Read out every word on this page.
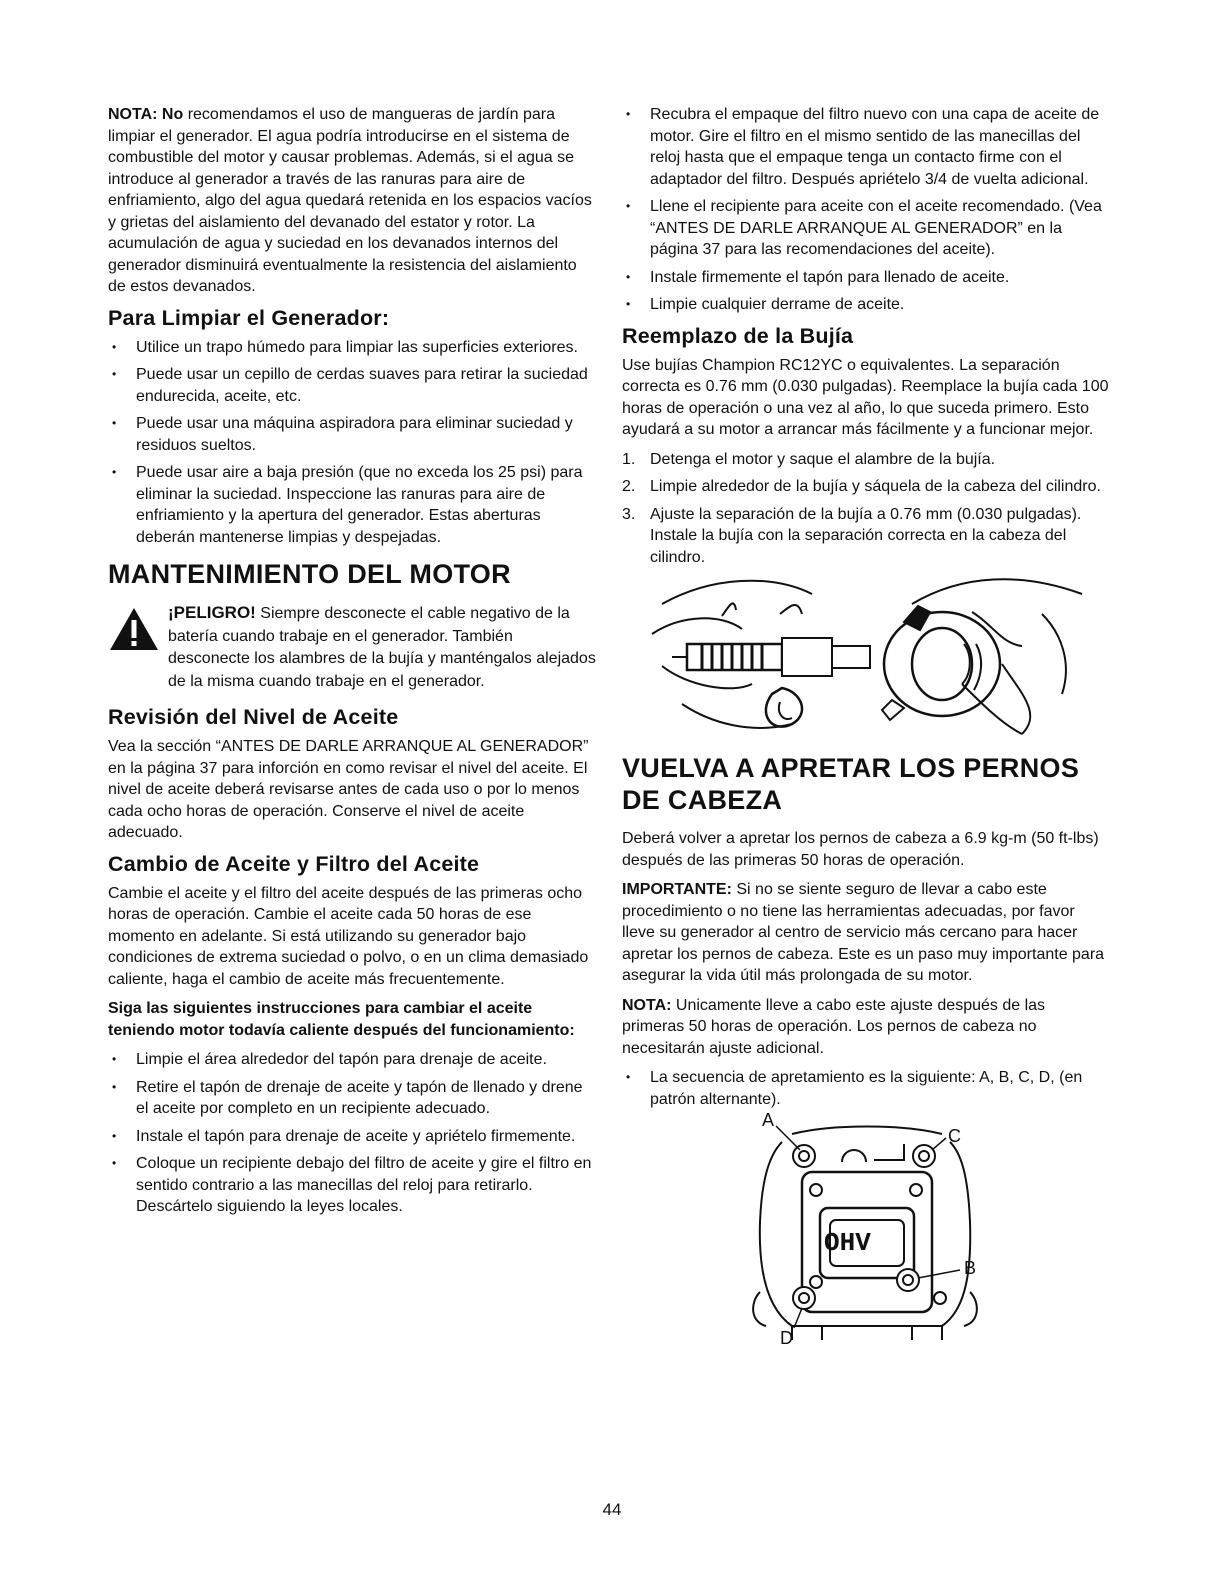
NOTA: No recomendamos el uso de mangueras de jardín para limpiar el generador. El agua podría introducirse en el sistema de combustible del motor y causar problemas. Además, si el agua se introduce al generador a través de las ranuras para aire de enfriamiento, algo del agua quedará retenida en los espacios vacíos y grietas del aislamiento del devanado del estator y rotor. La acumulación de agua y suciedad en los devanados internos del generador disminuirá eventualmente la resistencia del aislamiento de estos devanados.

Para Limpiar el Generador:
• Utilice un trapo húmedo para limpiar las superficies exteriores.
• Puede usar un cepillo de cerdas suaves para retirar la suciedad endurecida, aceite, etc.
• Puede usar una máquina aspiradora para eliminar suciedad y residuos sueltos.
• Puede usar aire a baja presión (que no exceda los 25 psi) para eliminar la suciedad. Inspeccione las ranuras para aire de enfriamiento y la apertura del generador. Estas aberturas deberán mantenerse limpias y despejadas.
MANTENIMIENTO DEL MOTOR

¡PELIGRO! Siempre desconecte el cable negativo de la batería cuando trabaje en el generador. También desconecte los alambres de la bujía y manténgalos alejados de la misma cuando trabaje en el generador.

Revisión del Nivel de Aceite

Vea la sección “ANTES DE DARLE ARRANQUE AL GENERADOR” en la página 37 para inforción en como revisar el nivel del aceite. El nivel de aceite deberá revisarse antes de cada uso o por lo menos cada ocho horas de operación. Conserve el nivel de aceite adecuado.

Cambio de Aceite y Filtro del Aceite

Cambie el aceite y el filtro del aceite después de las primeras ocho horas de operación. Cambie el aceite cada 50 horas de ese momento en adelante. Si está utilizando su generador bajo condiciones de extrema suciedad o polvo, o en un clima demasiado caliente, haga el cambio de aceite más frecuentemente.

Siga las siguientes instrucciones para cambiar el aceite teniendo motor todavía caliente después del funcionamiento:

• Limpie el área alrededor del tapón para drenaje de aceite.
• Retire el tapón de drenaje de aceite y tapón de llenado y drene el aceite por completo en un recipiente adecuado.
• Instale el tapón para drenaje de aceite y apriételo firmemente.
• Coloque un recipiente debajo del filtro de aceite y gire el filtro en sentido contrario a las manecillas del reloj para retirarlo. Descártelo siguiendo la leyes locales.
• Recubra el empaque del filtro nuevo con una capa de aceite de motor. Gire el filtro en el mismo sentido de las manecillas del reloj hasta que el empaque tenga un contacto firme con el adaptador del filtro. Después apriételo 3/4 de vuelta adicional.
• Llene el recipiente para aceite con el aceite recomendado. (Vea “ANTES DE DARLE ARRANQUE AL GENERADOR” en la página 37 para las recomendaciones del aceite).
• Instale firmemente el tapón para llenado de aceite.
• Limpie cualquier derrame de aceite.
Reemplazo de la Bujía

Use bujías Champion RC12YC o equivalentes. La separación correcta es 0.76 mm (0.030 pulgadas). Reemplace la bujía cada 100 horas de operación o una vez al año, lo que suceda primero. Esto ayudará a su motor a arrancar más fácilmente y a funcionar mejor.

1. Detenga el motor y saque el alambre de la bujía.
2. Limpie alrededor de la bujía y sáquela de la cabeza del cilindro.
3. Ajuste la separación de la bujía a 0.76 mm (0.030 pulgadas). Instale la bujía con la separación correcta en la cabeza del cilindro.
VUELVA A APRETAR LOS PERNOS DE CABEZA

Deberá volver a apretar los pernos de cabeza a 6.9 kg-m (50 ft-lbs) después de las primeras 50 horas de operación.

IMPORTANTE: Si no se siente seguro de llevar a cabo este procedimiento o no tiene las herramientas adecuadas, por favor lleve su generador al centro de servicio más cercano para hacer apretar los pernos de cabeza. Este es un paso muy importante para asegurar la vida útil más prolongada de su motor.

NOTA: Unicamente lleve a cabo este ajuste después de las primeras 50 horas de operación. Los pernos de cabeza no necesitarán ajuste adicional.

• La secuencia de apretamiento es la siguiente: A, B, C, D, (en patrón alternante).
OHV
A
C
B
D
44
